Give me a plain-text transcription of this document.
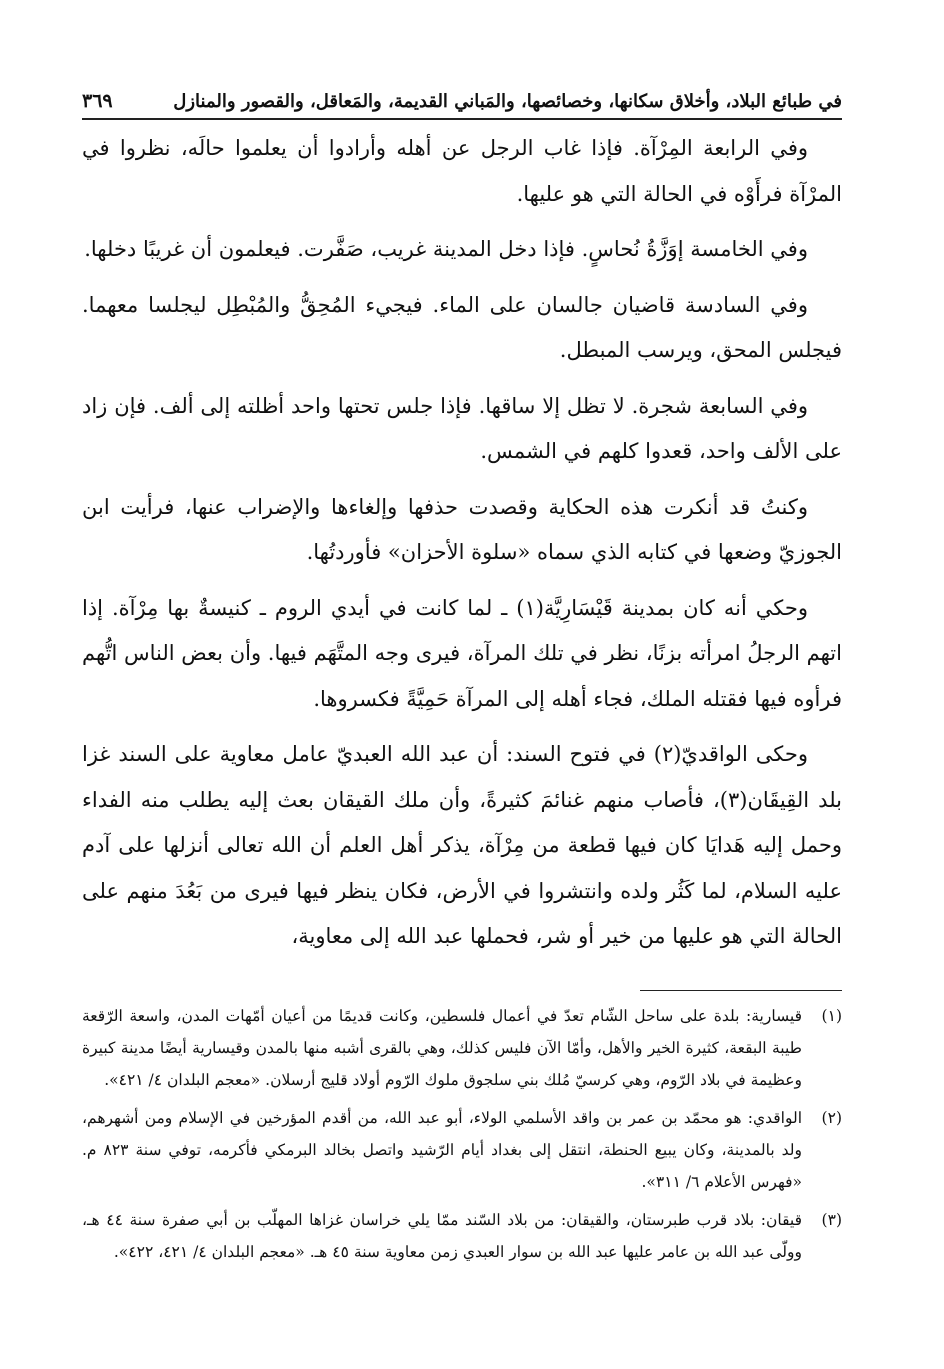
في طبائع البلاد، وأخلاق سكانها، وخصائصها، والمَباني القديمة، والمَعاقل، والقصور والمنازل
٣٦٩

وفي الرابعة المِرْآة. فإذا غاب الرجل عن أهله وأرادوا أن يعلموا حالَه، نظروا في المرْآة فرأَوْه في الحالة التي هو عليها.

وفي الخامسة إوَزَّةُ نُحاسٍ. فإذا دخل المدينة غريب، صَفَّرت. فيعلمون أن غريبًا دخلها.

وفي السادسة قاضيان جالسان على الماء. فيجيء المُحِقُّ والمُبْطِل ليجلسا معهما. فيجلس المحق، ويرسب المبطل.

وفي السابعة شجرة. لا تظل إلا ساقها. فإذا جلس تحتها واحد أظلته إلى ألف. فإن زاد على الألف واحد، قعدوا كلهم في الشمس.

وكنتُ قد أنكرت هذه الحكاية وقصدت حذفها وإلغاءها والإضراب عنها، فرأيت ابن الجوزيّ وضعها في كتابه الذي سماه «سلوة الأحزان» فأوردتُها.

وحكي أنه كان بمدينة قَيْسَارِيَّة(١) ـ لما كانت في أيدي الروم ـ كنيسةٌ بها مِرْآة. إذا اتهم الرجلُ امرأته بزنًا، نظر في تلك المرآة، فيرى وجه المتَّهَم فيها. وأن بعض الناس اتُّهم فرأوه فيها فقتله الملك، فجاء أهله إلى المرآة حَمِيَّةً فكسروها.

وحكى الواقديّ(٢) في فتوح السند: أن عبد الله العبديّ عامل معاوية على السند غزا بلد القِيقَان(٣)، فأصاب منهم غنائمَ كثيرةً، وأن ملك القيقان بعث إليه يطلب منه الفداء وحمل إليه هَدايَا كان فيها قطعة من مِرْآة، يذكر أهل العلم أن الله تعالى أنزلها على آدم عليه السلام، لما كَثُر ولده وانتشروا في الأرض، فكان ينظر فيها فيرى من بَعُدَ منهم على الحالة التي هو عليها من خير أو شر، فحملها عبد الله إلى معاوية،

(١)
قيسارية: بلدة على ساحل الشّام تعدّ في أعمال فلسطين، وكانت قديمًا من أعيان أمّهات المدن، واسعة الرّقعة طيبة البقعة، كثيرة الخير والأهل، وأمّا الآن فليس كذلك، وهي بالقرى أشبه منها بالمدن وقيسارية أيضًا مدينة كبيرة وعظيمة في بلاد الرّوم، وهي كرسيّ مُلك بني سلجوق ملوك الرّوم أولاد قليج أرسلان. «معجم البلدان ٤/ ٤٢١».
(٢)
الواقدي: هو محمّد بن عمر بن واقد الأسلمي الولاء، أبو عبد الله، من أقدم المؤرخين في الإسلام ومن أشهرهم، ولد بالمدينة، وكان يبيع الحنطة، انتقل إلى بغداد أيام الرّشيد واتصل بخالد البرمكي فأكرمه، توفي سنة ٨٢٣ م. «فهرس الأعلام ٦/ ٣١١».
(٣)
قيقان: بلاد قرب طبرستان، والقيقان: من بلاد السّند ممّا يلي خراسان غزاها المهلّب بن أبي صفرة سنة ٤٤ هـ، وولّى عبد الله بن عامر عليها عبد الله بن سوار العبدي زمن معاوية سنة ٤٥ هـ. «معجم البلدان ٤/ ٤٢١، ٤٢٢».
